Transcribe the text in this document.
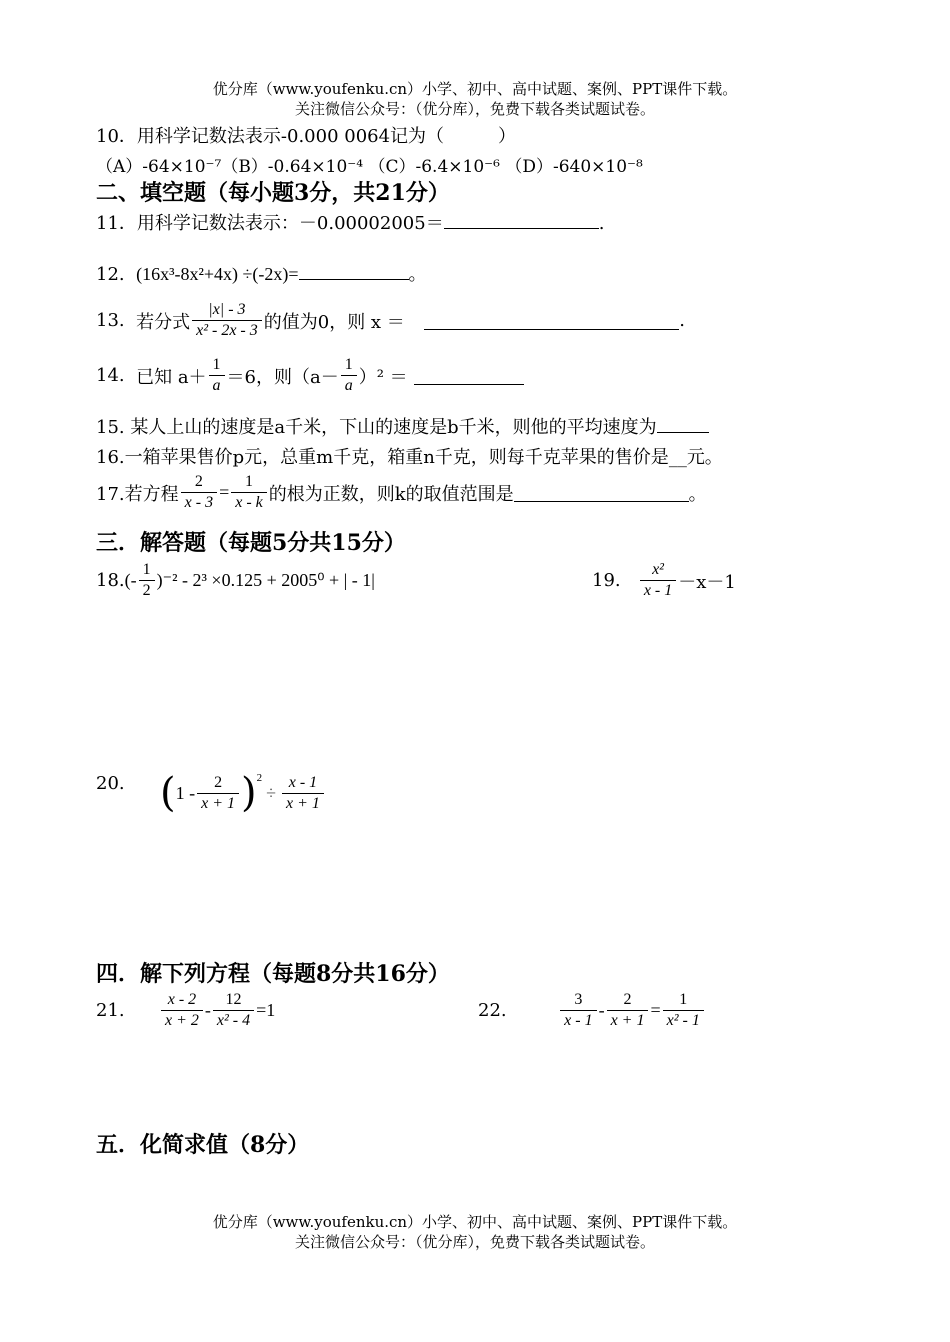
优分库（www.youfenku.cn）小学、初中、高中试题、案例、PPT课件下载。
关注微信公众号：（优分库），免费下载各类试题试卷。
10．用科学记数法表示-0.000 0064记为（　　　）
（A）-64×10⁻⁷（B）-0.64×10⁻⁴ （C）-6.4×10⁻⁶ （D）-640×10⁻⁸
二、填空题（每小题3分，共21分）
11．用科学记数法表示：－0.00002005＝	.
12. (16x³-8x²+4x) ÷(-2x)=	。
13.
若分式 $\frac{|x| - 3}{\text{x² - 2x - 3}}$ 的值为0，则 x ＝
	.
14.
已知 $a+ \frac{1}{a} =6$，则$(a- \frac{1}{a} )^2$ ＝
15. 某人上山的速度是a千米，下山的速度是b千米，则他的平均速度为
16.一箱苹果售价p元，总重m千克，箱重n千克，则每千克苹果的售价是__元。
17.若方程 $\frac{2}{x - 3} = \frac{1}{x - k}$ 的根为正数，则k的取值范围是	。
三．解答题（每题5分共15分）
18. (- $\frac{1}{2} )^{-2} - 2^3 \times 0.125 + 2005^0$ + | - 1|	19.
$\frac{\text{x²}}{x - 1} -x-1$
20. ( $1 - \frac{2}{x + 1}$ ) 2
÷ $\frac{x - 1}{x + 1}$
四．解下列方程（每题8分共16分）
21.
$\frac{x - 2}{x + 2} - \frac{12}{\text{x² - 4}} =1$	22.
	$\frac{3}{x - 1} - \frac{2}{x + 1} = \frac{1}{\text{x² - 1}}$
五．化简求值（8分）
优分库（www.youfenku.cn）小学、初中、高中试题、案例、PPT课件下载。
关注微信公众号：（优分库），免费下载各类试题试卷。
